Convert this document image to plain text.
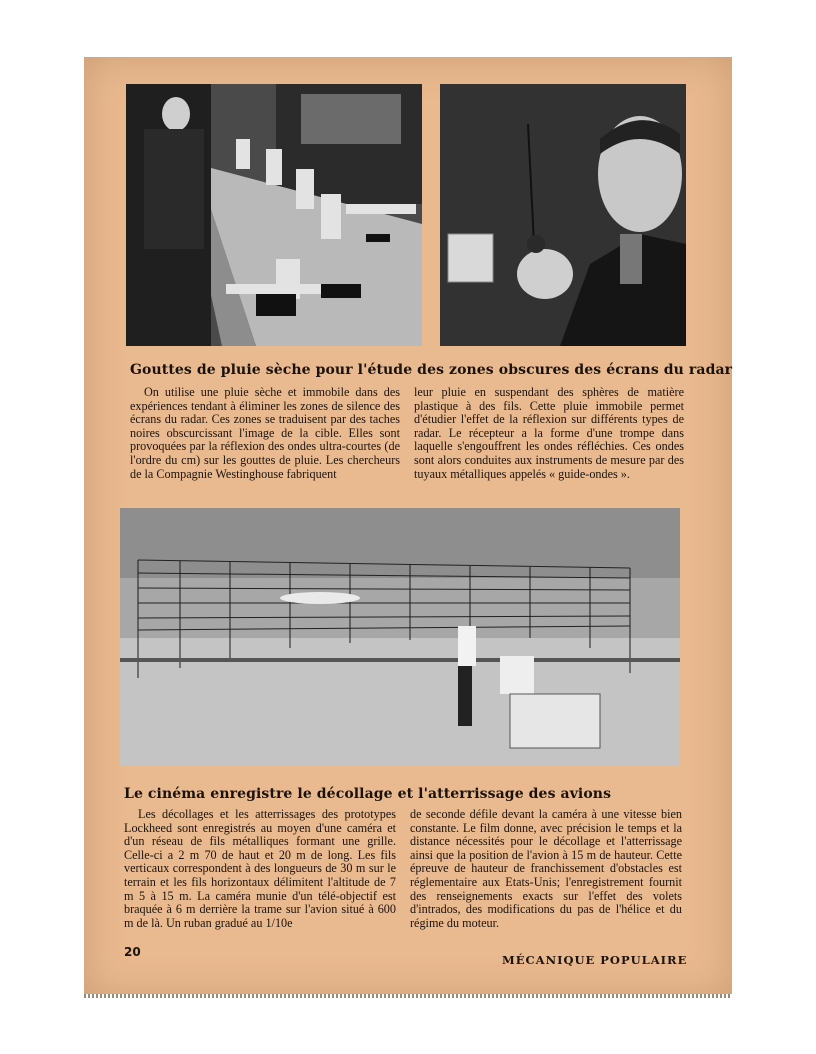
Gouttes de pluie sèche pour l'étude des zones obscures des écrans du radar

On utilise une pluie sèche et immobile dans des expériences tendant à éliminer les zones de silence des écrans du radar. Ces zones se traduisent par des taches noires obscurcissant l'image de la cible. Elles sont provoquées par la réflexion des ondes ultra-courtes (de l'ordre du cm) sur les gouttes de pluie. Les chercheurs de la Compagnie Westinghouse fabriquent

leur pluie en suspendant des sphères de matière plastique à des fils. Cette pluie immobile permet d'étudier l'effet de la réflexion sur différents types de radar. Le récepteur a la forme d'une trompe dans laquelle s'engouffrent les ondes réfléchies. Ces ondes sont alors conduites aux instruments de mesure par des tuyaux métalliques appelés « guide-ondes ».

Le cinéma enregistre le décollage et l'atterrissage des avions

Les décollages et les atterrissages des prototypes Lockheed sont enregistrés au moyen d'une caméra et d'un réseau de fils métalliques formant une grille. Celle-ci a 2 m 70 de haut et 20 m de long. Les fils verticaux correspondent à des longueurs de 30 m sur le terrain et les fils horizontaux délimitent l'altitude de 7 m 5 à 15 m. La caméra munie d'un télé-objectif est braquée à 6 m derrière la trame sur l'avion situé à 600 m de là. Un ruban gradué au 1/10e

de seconde défile devant la caméra à une vitesse bien constante. Le film donne, avec précision le temps et la distance nécessités pour le décollage et l'atterrissage ainsi que la position de l'avion à 15 m de hauteur. Cette épreuve de hauteur de franchissement d'obstacles est réglementaire aux Etats-Unis; l'enregistrement fournit des renseignements exacts sur l'effet des volets d'intrados, des modifications du pas de l'hélice et du régime du moteur.

20

MÉCANIQUE POPULAIRE
